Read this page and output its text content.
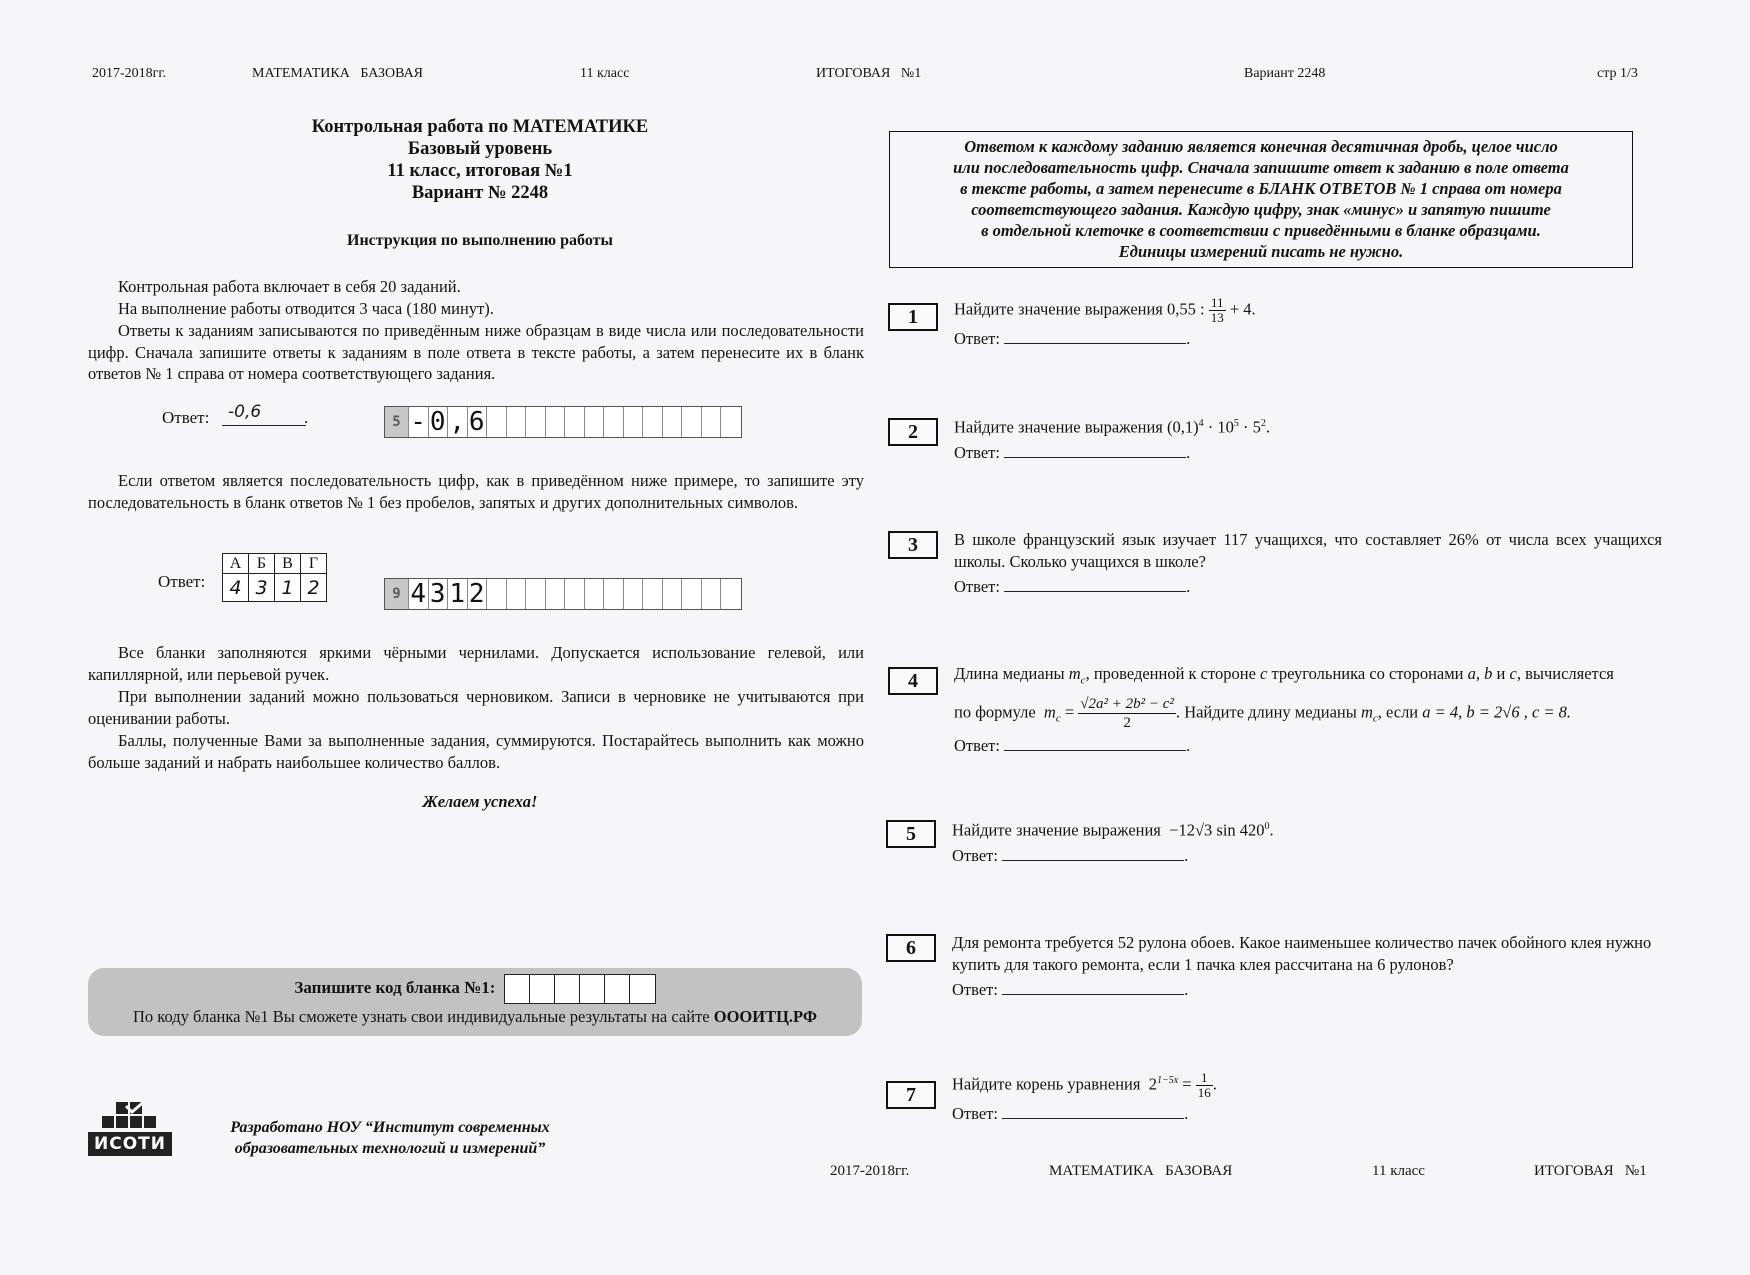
2017-2018гг.	МАТЕМАТИКА   БАЗОВАЯ	11 класс	ИТОГОВАЯ   №1	Вариант 2248	стр 1/3
Контрольная работа по МАТЕМАТИКЕ
Базовый уровень
11 класс, итоговая №1
Вариант № 2248
Инструкция по выполнению работы
Контрольная работа включает в себя 20 заданий.
На выполнение работы отводится 3 часа (180 минут).
Ответы к заданиям записываются по приведённым ниже образцам в виде числа или последовательности цифр. Сначала запишите ответы к заданиям в поле ответа в тексте работы, а затем перенесите их в бланк ответов № 1 справа от номера соответствующего задания.
Ответ:	-0,6	.	5 - 0 , 6
Если ответом является последовательность цифр, как в приведённом ниже примере, то запишите эту последовательность в бланк ответов № 1 без пробелов, запятых и других дополнительных символов.
Ответ:
А	Б	В	Г
4	3	1	2	9 4 3 1 2
Все бланки заполняются яркими чёрными чернилами. Допускается использование гелевой, или капиллярной, или перьевой ручек.
При выполнении заданий можно пользоваться черновиком. Записи в черновике не учитываются при оценивании работы.
Баллы, полученные Вами за выполненные задания, суммируются. Постарайтесь выполнить как можно больше заданий и набрать наибольшее количество баллов.
Желаем успеха!
Запишите код бланка №1:
По коду бланка №1 Вы сможете узнать свои индивидуальные результаты на сайте ОООИТЦ.РФ
ИСОТИ
Разработано НОУ “Институт современных
образовательных технологий и измерений”
Ответом к каждому заданию является конечная десятичная дробь, целое число
или последовательность цифр. Сначала запишите ответ к заданию в поле ответа
в тексте работы, а затем перенесите в БЛАНК ОТВЕТОВ № 1 справа от номера
соответствующего задания. Каждую цифру, знак «минус» и запятую пишите
в отдельной клеточке в соответствии с приведёнными в бланке образцами.
Единицы измерений писать не нужно.
1	Найдите значение выражения 0,55 : $\frac{11}{13} + 4$.
Ответ:	.
2	Найдите значение выражения $(0,1)^4 \cdot 10^5 \cdot 5^2$.
Ответ:	.
3	В школе французский язык изучает 117 учащихся, что составляет 26% от числа всех учащихся школы. Сколько учащихся в школе?
Ответ:	.
4	Длина медианы $m_c$, проведенной к стороне c треугольника со сторонами a, b и c, вычисляется
по формуле $m_c = \frac{\text{√2a² + 2b² − c²}}{2}$ . Найдите длину медианы $m_c$, если a = 4, b = 2√6 , c = 8.
Ответ:	.
5	Найдите значение выражения −12√3 $\sin 420^0$.
Ответ:	.
6	Для ремонта требуется 52 рулона обоев. Какое наименьшее количество пачек обойного клея нужно купить для такого ремонта, если 1 пачка клея рассчитана на 6 рулонов?
Ответ:	.
7	Найдите корень уравнения $2^{1-5x} = \frac{1}{16}$ .
Ответ:	.
2017-2018гг.	МАТЕМАТИКА   БАЗОВАЯ	11 класс	ИТОГОВАЯ   №1
